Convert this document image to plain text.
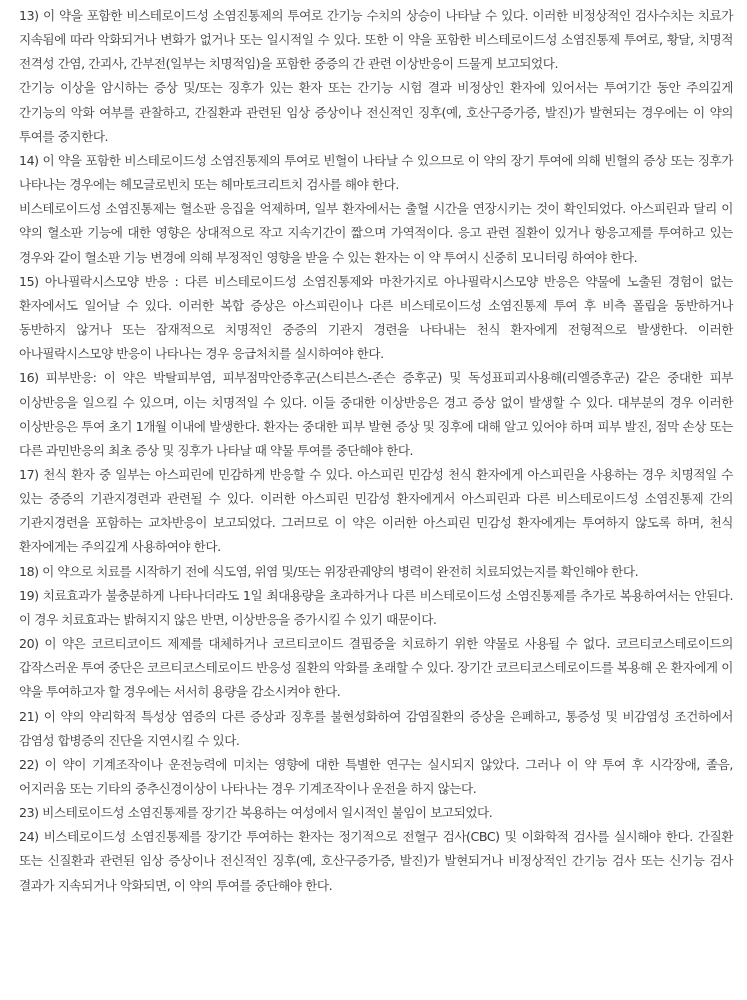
13) 이 약을 포함한 비스테로이드성 소염진통제의 투여로 간기능 수치의 상승이 나타날 수 있다. 이러한 비정상적인 검사수치는 치료가 지속됨에 따라 악화되거나 변화가 없거나 또는 일시적일 수 있다. 또한 이 약을 포함한 비스테로이드성 소염진통제 투여로, 황달, 치명적 전격성 간염, 간괴사, 간부전(일부는 치명적임)을 포함한 중증의 간 관련 이상반응이 드물게 보고되었다.

간기능 이상을 암시하는 증상 및/또는 징후가 있는 환자 또는 간기능 시험 결과 비정상인 환자에 있어서는 투여기간 동안 주의깊게 간기능의 악화 여부를 관찰하고, 간질환과 관련된 임상 증상이나 전신적인 징후(예, 호산구증가증, 발진)가 발현되는 경우에는 이 약의 투여를 중지한다.

14) 이 약을 포함한 비스테로이드성 소염진통제의 투여로 빈혈이 나타날 수 있으므로 이 약의 장기 투여에 의해 빈혈의 증상 또는 징후가 나타나는 경우에는 헤모글로빈치 또는 헤마토크리트치 검사를 해야 한다.

비스테로이드성 소염진통제는 혈소판 응집을 억제하며, 일부 환자에서는 출혈 시간을 연장시키는 것이 확인되었다. 아스피린과 달리 이 약의 혈소판 기능에 대한 영향은 상대적으로 작고 지속기간이 짧으며 가역적이다. 응고 관련 질환이 있거나 항응고제를 투여하고 있는 경우와 같이 혈소판 기능 변경에 의해 부정적인 영향을 받을 수 있는 환자는 이 약 투여시 신중히 모니터링 하여야 한다.

15) 아나필락시스모양 반응 : 다른 비스테로이드성 소염진통제와 마찬가지로 아나필락시스모양 반응은 약물에 노출된 경험이 없는 환자에서도 일어날 수 있다. 이러한 복합 증상은 아스피린이나 다른 비스테로이드성 소염진통제 투여 후 비측 폴립을 동반하거나 동반하지 않거나 또는 잠재적으로 치명적인 중증의 기관지 경련을 나타내는 천식 환자에게 전형적으로 발생한다. 이러한 아나필락시스모양 반응이 나타나는 경우 응급처치를 실시하여야 한다.

16) 피부반응: 이 약은 박탈피부염, 피부점막안증후군(스티븐스-존슨 증후군) 및 독성표피괴사용해(리엘증후군) 같은 중대한 피부 이상반응을 일으킬 수 있으며, 이는 치명적일 수 있다. 이들 중대한 이상반응은 경고 증상 없이 발생할 수 있다. 대부분의 경우 이러한 이상반응은 투여 초기 1개월 이내에 발생한다. 환자는 중대한 피부 발현 증상 및 징후에 대해 알고 있어야 하며 피부 발진, 점막 손상 또는 다른 과민반응의 최초 증상 및 징후가 나타날 때 약물 투여를 중단해야 한다.

17) 천식 환자 중 일부는 아스피린에 민감하게 반응할 수 있다. 아스피린 민감성 천식 환자에게 아스피린을 사용하는 경우 치명적일 수 있는 중증의 기관지경련과 관련될 수 있다. 이러한 아스피린 민감성 환자에게서 아스피린과 다른 비스테로이드성 소염진통제 간의 기관지경련을 포함하는 교차반응이 보고되었다. 그러므로 이 약은 이러한 아스피린 민감성 환자에게는 투여하지 않도록 하며, 천식 환자에게는 주의깊게 사용하여야 한다.

18) 이 약으로 치료를 시작하기 전에 식도염, 위염 및/또는 위장관궤양의 병력이 완전히 치료되었는지를 확인해야 한다.

19) 치료효과가 불충분하게 나타나더라도 1일 최대용량을 초과하거나 다른 비스테로이드성 소염진통제를 추가로 복용하여서는 안된다. 이 경우 치료효과는 밝혀지지 않은 반면, 이상반응을 증가시킬 수 있기 때문이다.

20) 이 약은 코르티코이드 제제를 대체하거나 코르티코이드 결핍증을 치료하기 위한 약물로 사용될 수 없다. 코르티코스테로이드의 갑작스러운 투여 중단은 코르티코스테로이드 반응성 질환의 악화를 초래할 수 있다. 장기간 코르티코스테로이드를 복용해 온 환자에게 이 약을 투여하고자 할 경우에는 서서히 용량을 감소시켜야 한다.

21) 이 약의 약리학적 특성상 염증의 다른 증상과 징후를 불현성화하여 감염질환의 증상을 은폐하고, 통증성 및 비감염성 조건하에서 감염성 합병증의 진단을 지연시킬 수 있다.

22) 이 약이 기계조작이나 운전능력에 미치는 영향에 대한 특별한 연구는 실시되지 않았다. 그러나 이 약 투여 후 시각장애, 졸음, 어지러움 또는 기타의 중추신경이상이 나타나는 경우 기계조작이나 운전을 하지 않는다.

23) 비스테로이드성 소염진통제를 장기간 복용하는 여성에서 일시적인 불임이 보고되었다.

24) 비스테로이드성 소염진통제를 장기간 투여하는 환자는 정기적으로 전혈구 검사(CBC) 및 이화학적 검사를 실시해야 한다. 간질환 또는 신질환과 관련된 임상 증상이나 전신적인 징후(예, 호산구증가증, 발진)가 발현되거나 비정상적인 간기능 검사 또는 신기능 검사 결과가 지속되거나 악화되면, 이 약의 투여를 중단해야 한다.
